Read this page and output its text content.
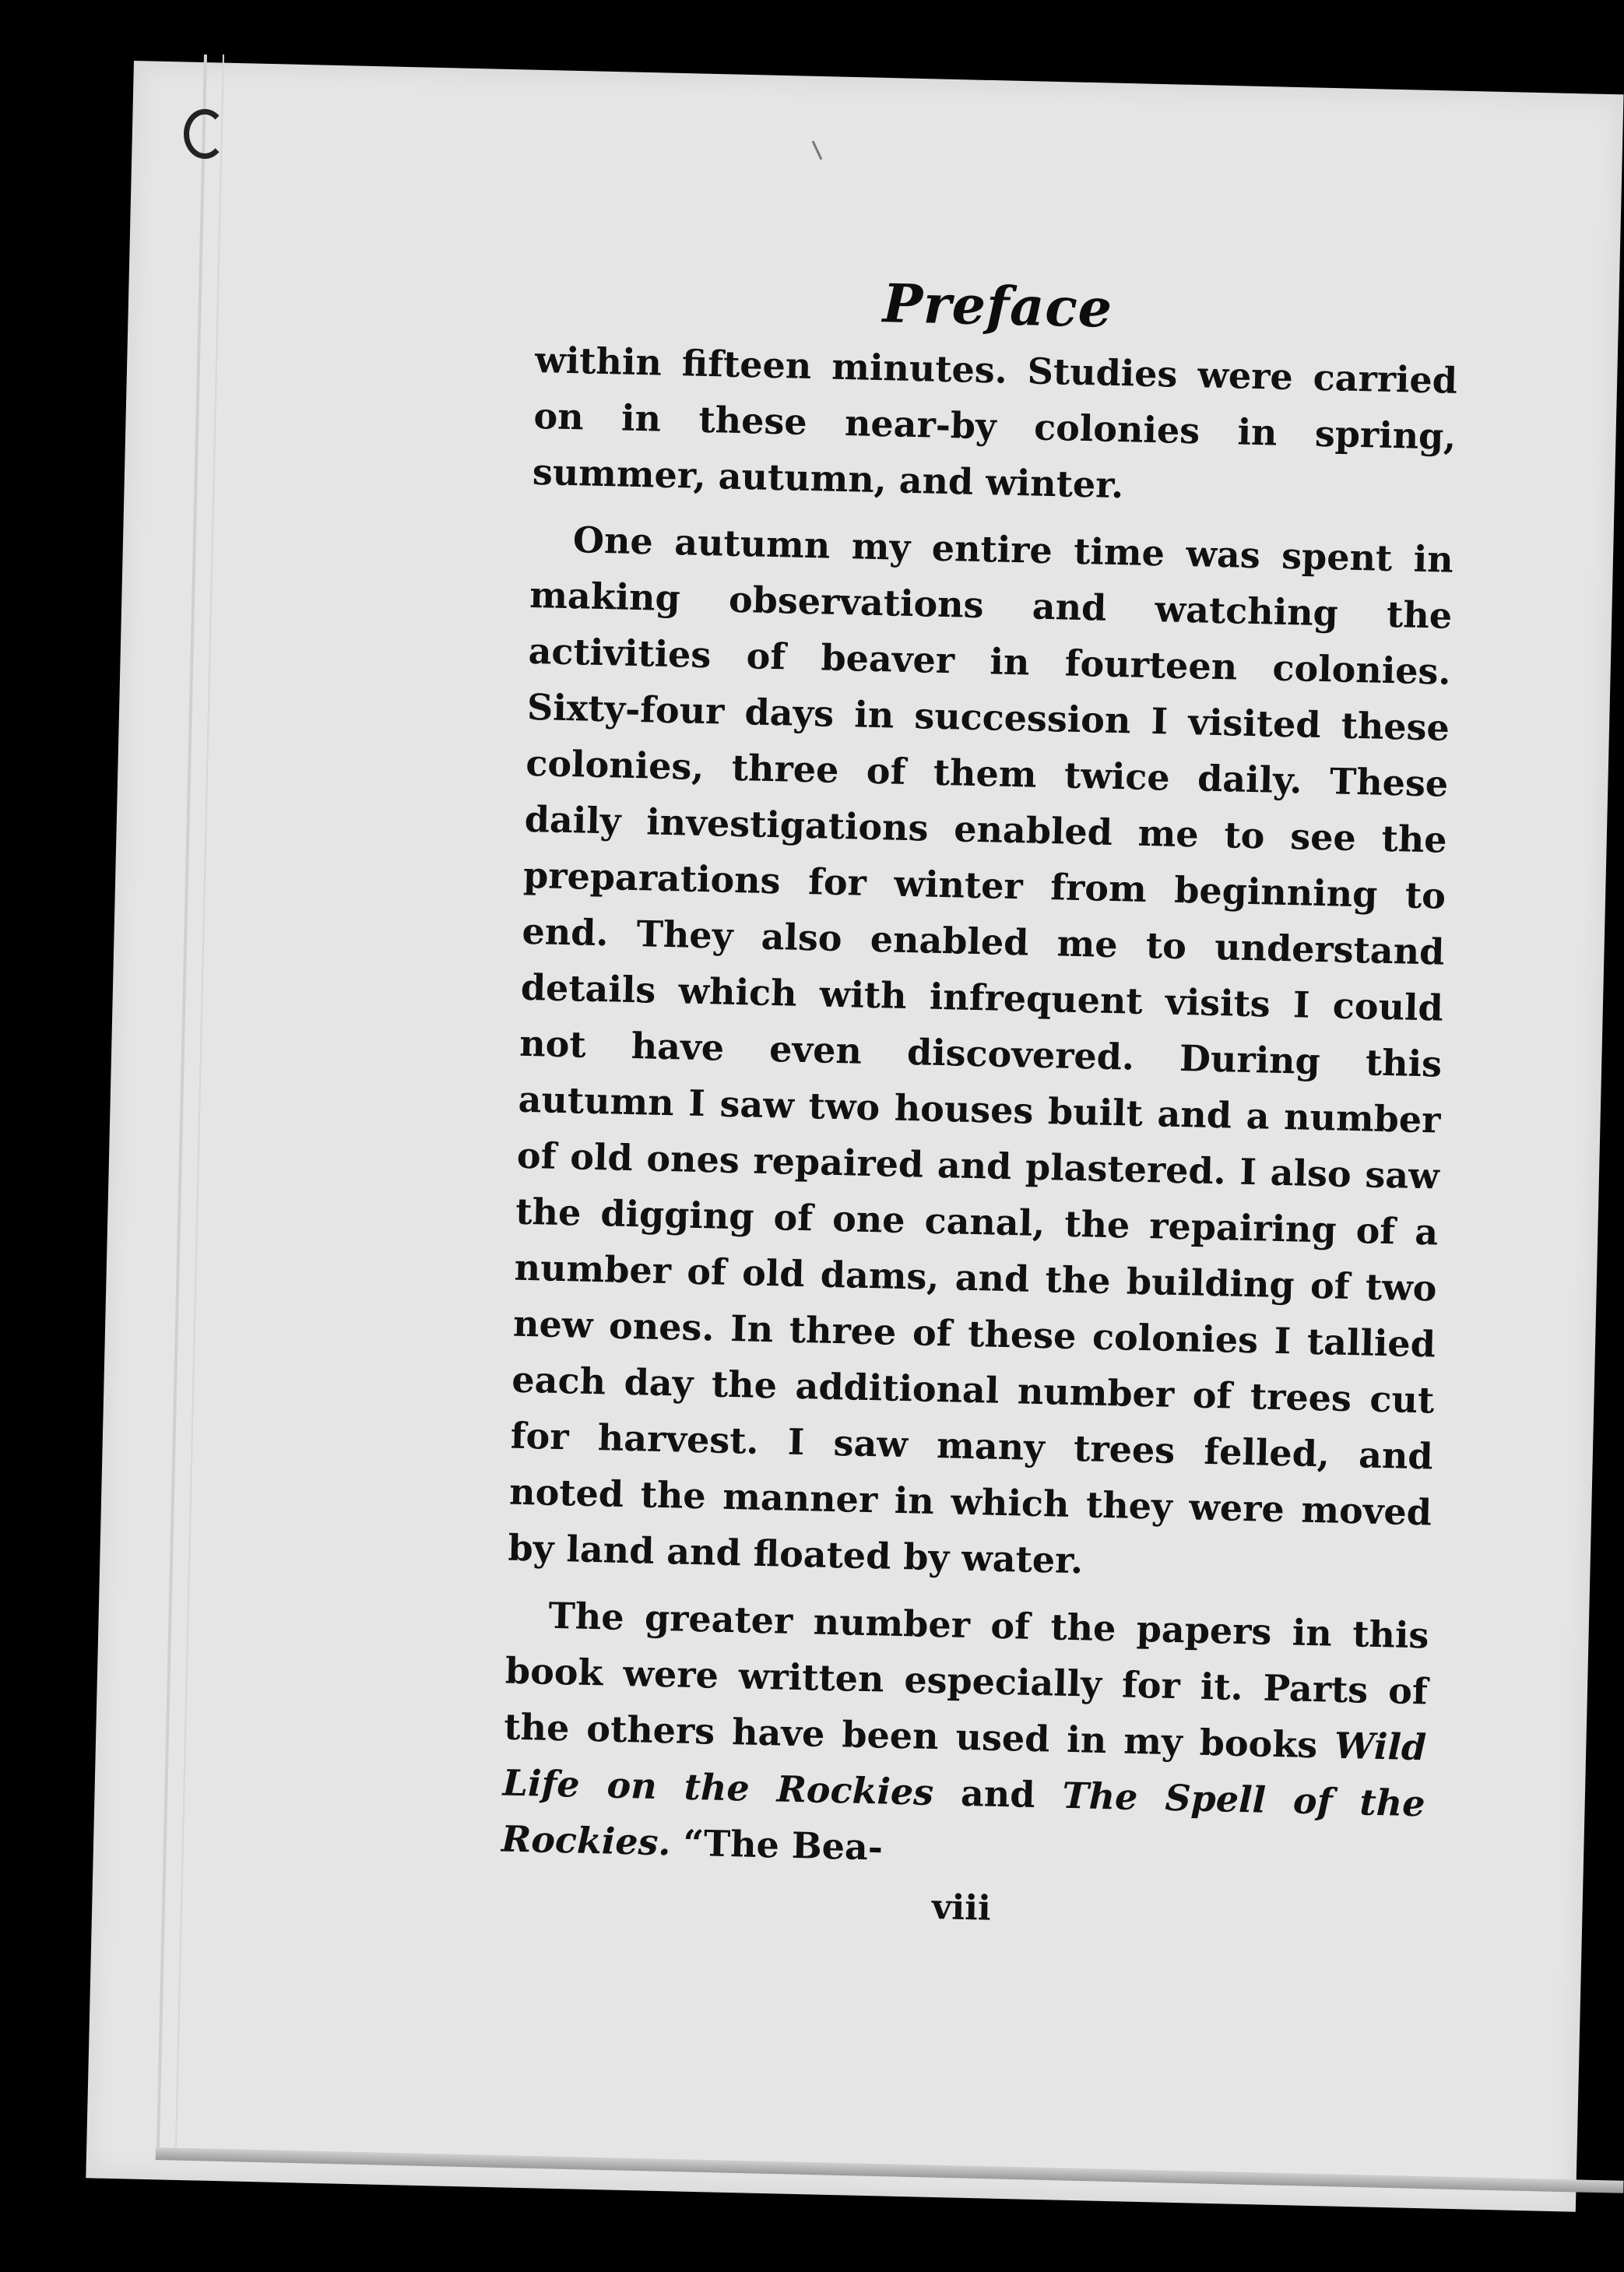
Preface

within fifteen minutes. Studies were carried on in these near-by colonies in spring, summer, autumn, and winter.

One autumn my entire time was spent in making observations and watching the activities of beaver in fourteen colonies. Sixty-four days in succession I visited these colonies, three of them twice daily. These daily investigations enabled me to see the preparations for winter from beginning to end. They also enabled me to understand details which with infrequent visits I could not have even discovered. During this autumn I saw two houses built and a number of old ones repaired and plastered. I also saw the digging of one canal, the repairing of a number of old dams, and the building of two new ones. In three of these colonies I tallied each day the additional number of trees cut for harvest. I saw many trees felled, and noted the manner in which they were moved by land and floated by water.

The greater number of the papers in this book were written especially for it. Parts of the others have been used in my books Wild Life on the Rockies and The Spell of the Rockies. “The Bea-

viii
